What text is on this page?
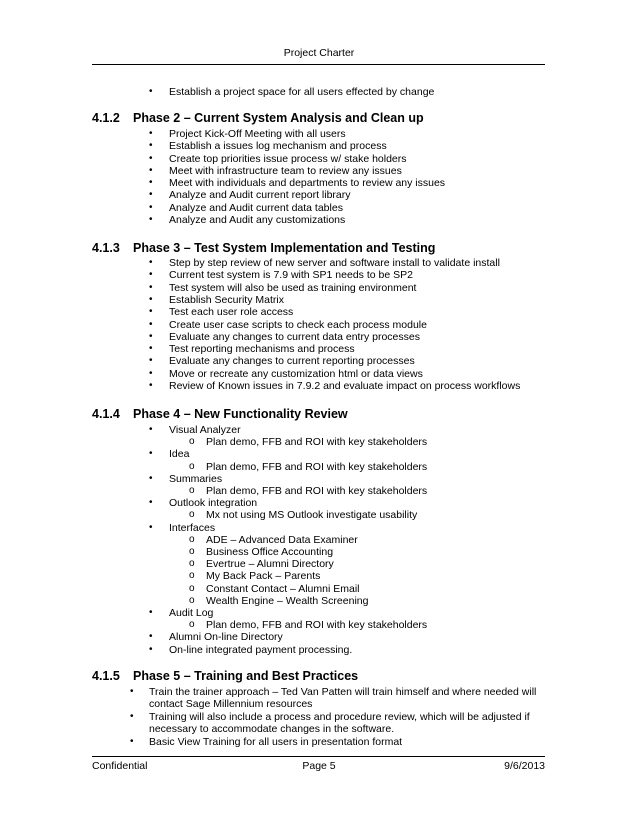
Project Charter
• Establish a project space for all users effected by change
4.1.2 Phase 2 – Current System Analysis and Clean up
• Project Kick-Off Meeting with all users
• Establish a issues log mechanism and process
• Create top priorities issue process w/ stake holders
• Meet with infrastructure team to review any issues
• Meet with individuals and departments to review any issues
• Analyze and Audit current report library
• Analyze and Audit current data tables
• Analyze and Audit any customizations
4.1.3 Phase 3 – Test System Implementation and Testing
• Step by step review of new server and software install to validate install
• Current test system is 7.9 with SP1 needs to be SP2
• Test system will also be used as training environment
• Establish Security Matrix
• Test each user role access
• Create user case scripts to check each process module
• Evaluate any changes to current data entry processes
• Test reporting mechanisms and process
• Evaluate any changes to current reporting processes
• Move or recreate any customization html or data views
• Review of Known issues in 7.9.2 and evaluate impact on process workflows
4.1.4 Phase 4 – New Functionality Review
• Visual Analyzer
o Plan demo, FFB and ROI with key stakeholders
• Idea
o Plan demo, FFB and ROI with key stakeholders
• Summaries
o Plan demo, FFB and ROI with key stakeholders
• Outlook integration
o Mx not using MS Outlook investigate usability
• Interfaces
o ADE – Advanced Data Examiner
o Business Office Accounting
o Evertrue – Alumni Directory
o My Back Pack – Parents
o Constant Contact – Alumni Email
o Wealth Engine – Wealth Screening
• Audit Log
o Plan demo, FFB and ROI with key stakeholders
• Alumni On-line Directory
• On-line integrated payment processing.
4.1.5 Phase 5 – Training and Best Practices
• Train the trainer approach – Ted Van Patten will train himself and where needed will
contact Sage Millennium resources
• Training will also include a process and procedure review, which will be adjusted if
necessary to accommodate changes in the software.
• Basic View Training for all users in presentation format
Confidential	Page 5	9/6/2013
